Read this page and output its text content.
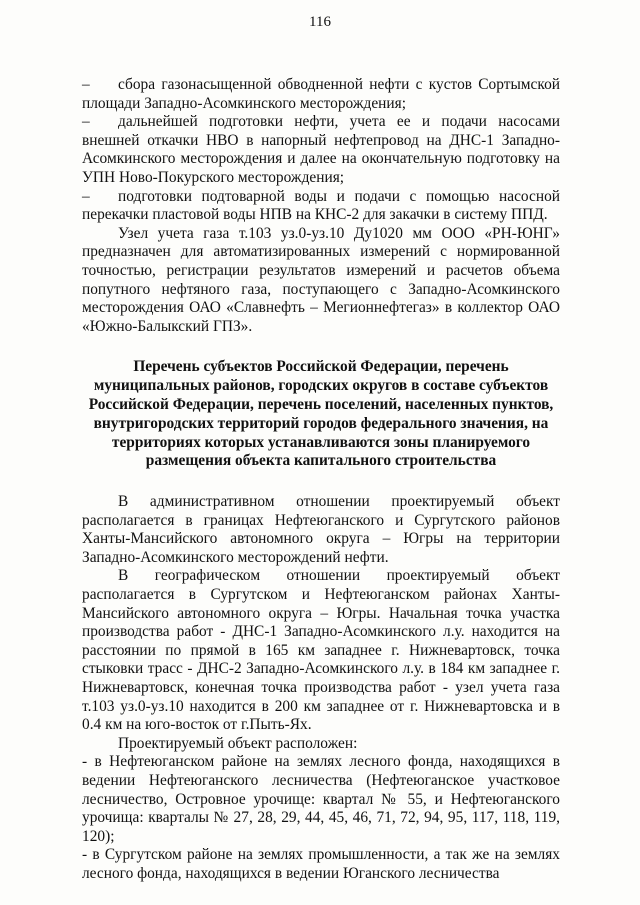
116

– сбора газонасыщенной обводненной нефти с кустов Сортымской площади Западно-Асомкинского месторождения;

– дальнейшей подготовки нефти, учета ее и подачи насосами внешней откачки НВО в напорный нефтепровод на ДНС-1 Западно-Асомкинского месторождения и далее на окончательную подготовку на УПН Ново-Покурского месторождения;

– подготовки подтоварной воды и подачи с помощью насосной перекачки пластовой воды НПВ на КНС-2 для закачки в систему ППД.

Узел учета газа т.103 уз.0-уз.10 Ду1020 мм ООО «РН-ЮНГ» предназначен для автоматизированных измерений с нормированной точностью, регистрации результатов измерений и расчетов объема попутного нефтяного газа, поступающего с Западно-Асомкинского месторождения ОАО «Славнефть – Мегионнефтегаз» в коллектор ОАО «Южно-Балыкский ГПЗ».

Перечень субъектов Российской Федерации, перечень муниципальных районов, городских округов в составе субъектов Российской Федерации, перечень поселений, населенных пунктов, внутригородских территорий городов федерального значения, на территориях которых устанавливаются зоны планируемого размещения объекта капитального строительства

В административном отношении проектируемый объект располагается в границах Нефтеюганского и Сургутского районов Ханты-Мансийского автономного округа – Югры на территории Западно-Асомкинского месторождений нефти.

В географическом отношении проектируемый объект располагается в Сургутском и Нефтеюганском районах Ханты-Мансийского автономного округа – Югры. Начальная точка участка производства работ - ДНС-1 Западно-Асомкинского л.у. находится на расстоянии по прямой в 165 км западнее г. Нижневартовск, точка стыковки трасс - ДНС-2 Западно-Асомкинского л.у. в 184 км западнее г. Нижневартовск, конечная точка производства работ - узел учета газа т.103 уз.0-уз.10 находится в 200 км западнее от г. Нижневартовска и в 0.4 км на юго-восток от г.Пыть-Ях.

Проектируемый объект расположен:

- в Нефтеюганском районе на землях лесного фонда, находящихся в ведении Нефтеюганского лесничества (Нефтеюганское участковое лесничество, Островное урочище: квартал № 55, и Нефтеюганского урочища: кварталы № 27, 28, 29, 44, 45, 46, 71, 72, 94, 95, 117, 118, 119, 120);

- в Сургутском районе на землях промышленности, а так же на землях лесного фонда, находящихся в ведении Юганского лесничества
